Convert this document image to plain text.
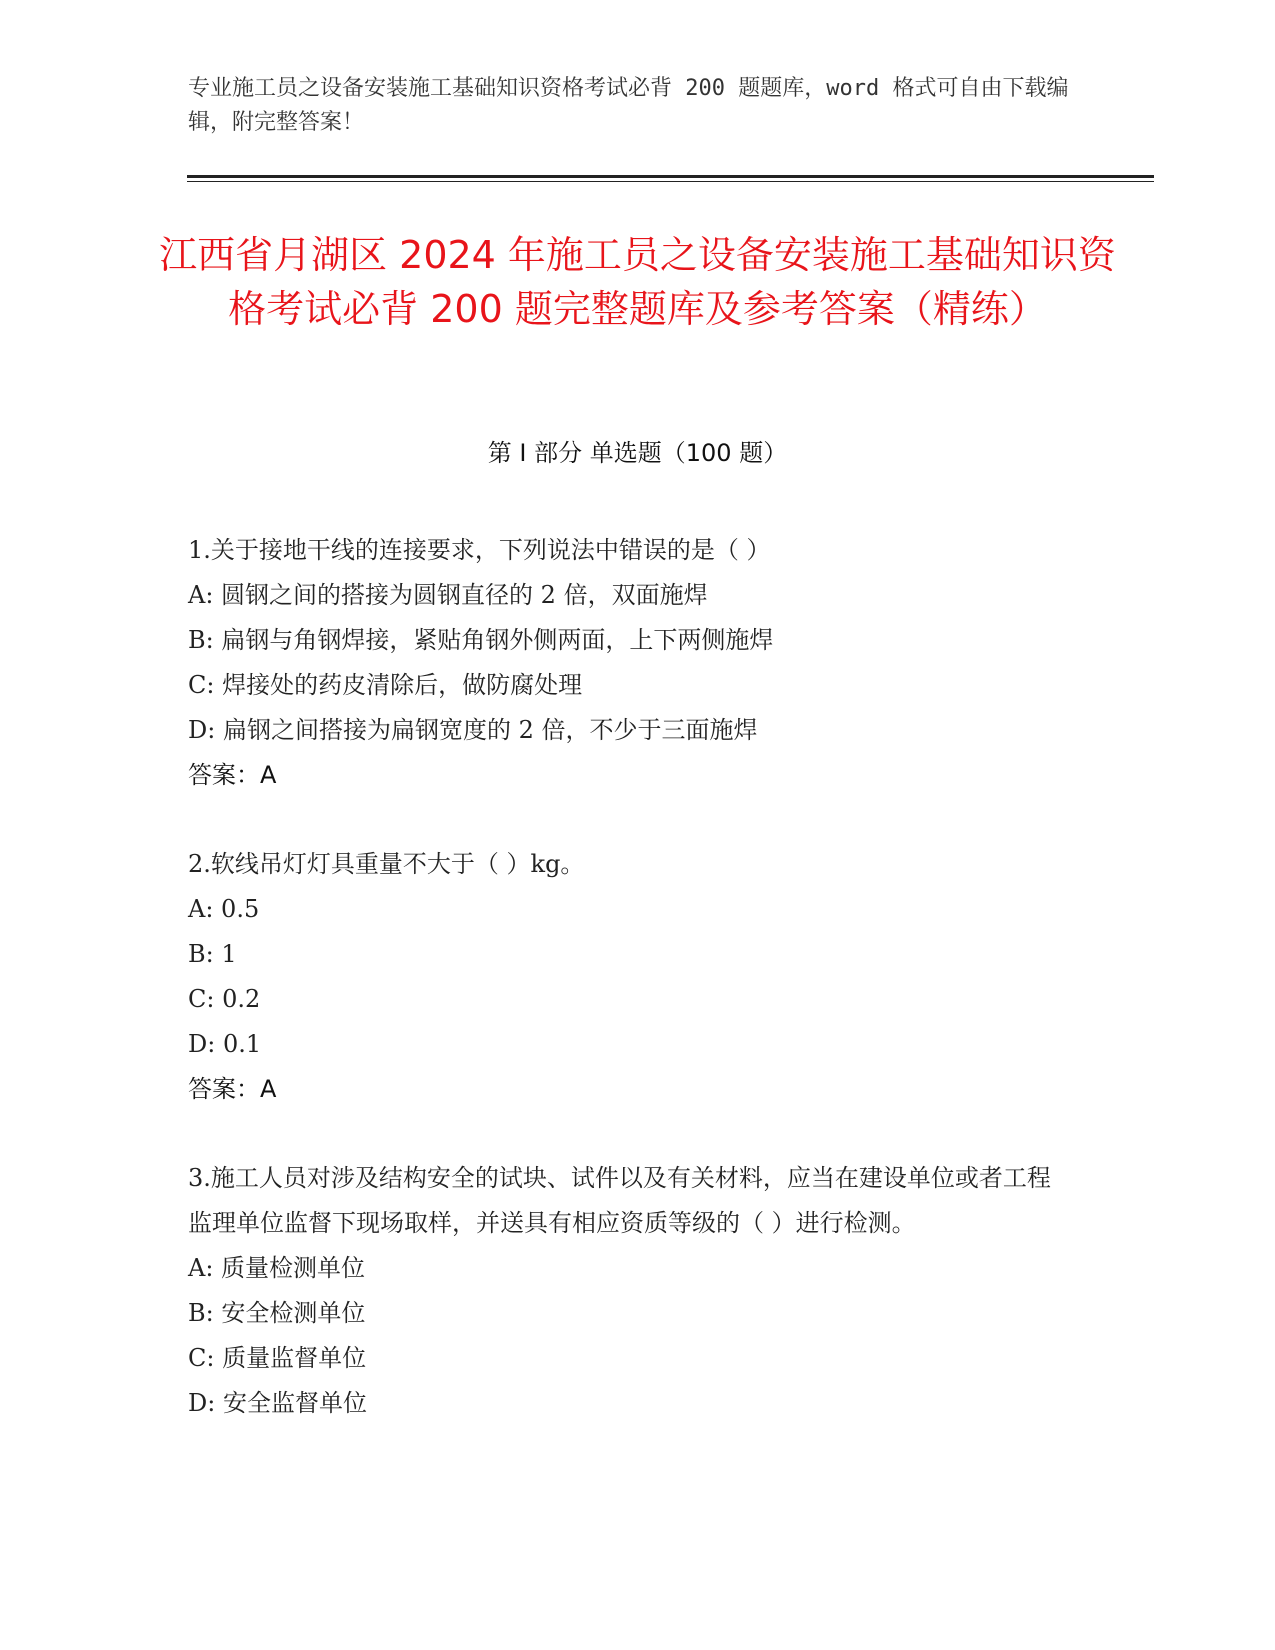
专业施工员之设备安装施工基础知识资格考试必背 200 题题库，word 格式可自由下载编辑，附完整答案！
江西省月湖区 2024 年施工员之设备安装施工基础知识资格考试必背 200 题完整题库及参考答案（精练）
第 I 部分 单选题（100 题）

1.关于接地干线的连接要求，下列说法中错误的是（ ）

A: 圆钢之间的搭接为圆钢直径的 2 倍，双面施焊

B: 扁钢与角钢焊接，紧贴角钢外侧两面，上下两侧施焊

C: 焊接处的药皮清除后，做防腐处理

D: 扁钢之间搭接为扁钢宽度的 2 倍，不少于三面施焊

答案：A

2.软线吊灯灯具重量不大于（ ）kg。

A: 0.5

B: 1

C: 0.2

D: 0.1

答案：A

3.施工人员对涉及结构安全的试块、试件以及有关材料，应当在建设单位或者工程监理单位监督下现场取样，并送具有相应资质等级的（ ）进行检测。

A: 质量检测单位

B: 安全检测单位

C: 质量监督单位

D: 安全监督单位
